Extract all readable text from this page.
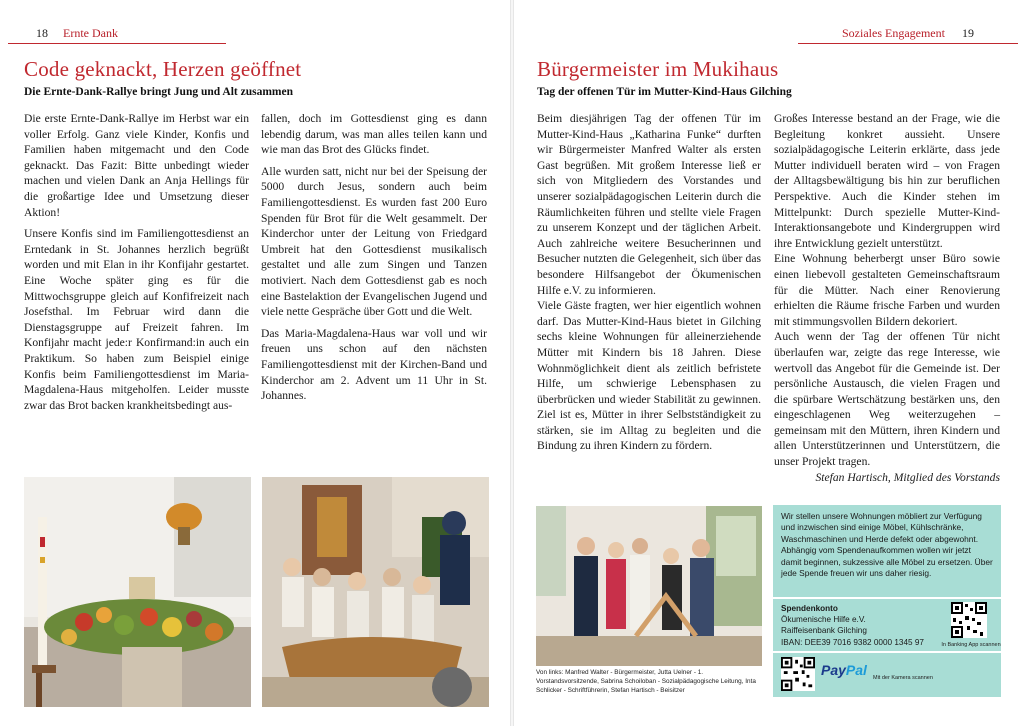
18 Ernte Dank
Code geknackt, Herzen geöffnet
Die Ernte-Dank-Rallye bringt Jung und Alt zusammen

Die erste Ernte-Dank-Rallye im Herbst war ein voller Erfolg. Ganz viele Kinder, Konfis und Familien haben mitgemacht und den Code geknackt. Das Fazit: Bitte unbedingt wieder machen und vielen Dank an Anja Hellings für die großartige Idee und Umsetzung dieser Aktion!

Unsere Konfis sind im Familiengottesdienst an Erntedank in St. Johannes herzlich begrüßt worden und mit Elan in ihr Konfijahr gestartet. Eine Woche später ging es für die Mittwochsgruppe gleich auf Konfifreizeit nach Josefsthal. Im Februar wird dann die Dienstagsgruppe auf Freizeit fahren. Im Konfijahr macht jede:r Konfirmand:in auch ein Praktikum. So haben zum Beispiel einige Konfis beim Familiengottesdienst im Maria-Magdalena-Haus mitgeholfen. Leider musste zwar das Brot backen krankheitsbedingt aus-

fallen, doch im Gottesdienst ging es dann lebendig darum, was man alles teilen kann und wie man das Brot des Glücks findet.

Alle wurden satt, nicht nur bei der Speisung der 5000 durch Jesus, sondern auch beim Familiengottesdienst. Es wurden fast 200 Euro Spenden für Brot für die Welt gesammelt. Der Kinderchor unter der Leitung von Friedgard Umbreit hat den Gottesdienst musikalisch gestaltet und alle zum Singen und Tanzen motiviert. Nach dem Gottesdienst gab es noch eine Bastelaktion der Evangelischen Jugend und viele nette Gespräche über Gott und die Welt.

Das Maria-Magdalena-Haus war voll und wir freuen uns schon auf den nächsten Familiengottesdienst mit der Kirchen-Band und Kinderchor am 2. Advent um 11 Uhr in St. Johannes.

Soziales Engagement 19
Bürgermeister im Mukihaus
Tag der offenen Tür im Mutter-Kind-Haus Gilching

Beim diesjährigen Tag der offenen Tür im Mutter-Kind-Haus „Katharina Funke“ durften wir Bürgermeister Manfred Walter als ersten Gast begrüßen. Mit großem Interesse ließ er sich von Mitgliedern des Vorstandes und unserer sozialpädagogischen Leiterin durch die Räumlichkeiten führen und stellte viele Fragen zu unserem Konzept und der täglichen Arbeit. Auch zahlreiche weitere Besucherinnen und Besucher nutzten die Gelegenheit, sich über das besondere Hilfsangebot der Ökumenischen Hilfe e.V. zu informieren.

Viele Gäste fragten, wer hier eigentlich wohnen darf. Das Mutter-Kind-Haus bietet in Gilching sechs kleine Wohnungen für alleinerziehende Mütter mit Kindern bis 18 Jahren. Diese Wohnmöglichkeit dient als zeitlich befristete Hilfe, um schwierige Lebensphasen zu überbrücken und wieder Stabilität zu gewinnen. Ziel ist es, Mütter in ihrer Selbstständigkeit zu stärken, sie im Alltag zu begleiten und die Bindung zu ihren Kindern zu fördern.

Großes Interesse bestand an der Frage, wie die Begleitung konkret aussieht. Unsere sozialpädagogische Leiterin erklärte, dass jede Mutter individuell beraten wird – von Fragen der Alltagsbewältigung bis hin zur beruflichen Perspektive. Auch die Kinder stehen im Mittelpunkt: Durch spezielle Mutter-Kind-Interaktionsangebote und Kindergruppen wird ihre Entwicklung gezielt unterstützt.

Eine Wohnung beherbergt unser Büro sowie einen liebevoll gestalteten Gemeinschaftsraum für die Mütter. Nach einer Renovierung erhielten die Räume frische Farben und wurden mit stimmungsvollen Bildern dekoriert.

Auch wenn der Tag der offenen Tür nicht überlaufen war, zeigte das rege Interesse, wie wertvoll das Angebot für die Gemeinde ist. Der persönliche Austausch, die vielen Fragen und die spürbare Wertschätzung bestärken uns, den eingeschlagenen Weg weiterzugehen – gemeinsam mit den Müttern, ihren Kindern und allen Unterstützerinnen und Unterstützern, die unser Projekt tragen.

Stefan Hartisch, Mitglied des Vorstands

Von links: Manfred Walter - Bürgermeister, Jutta Uelner - 1. Vorstandsvorsitzende, Sabrina Schoiloban - Sozialpädagogische Leitung, Inta Schlicker - Schriftführerin, Stefan Hartisch - Beisitzer
Wir stellen unsere Wohnungen möbliert zur Verfügung und inzwischen sind einige Möbel, Kühlschränke, Waschmaschinen und Herde defekt oder abgewohnt. Abhängig vom Spendenaufkommen wollen wir jetzt damit beginnen, sukzessive alle Möbel zu ersetzen. Über jede Spende freuen wir uns daher riesig.
Spendenkonto
Ökumenische Hilfe e.V.
Raiffeisenbank Gilching
IBAN: DEE39 7016 9382 0000 1345 97	In Banking App scannen
PayPal Mit der Kamera scannen
